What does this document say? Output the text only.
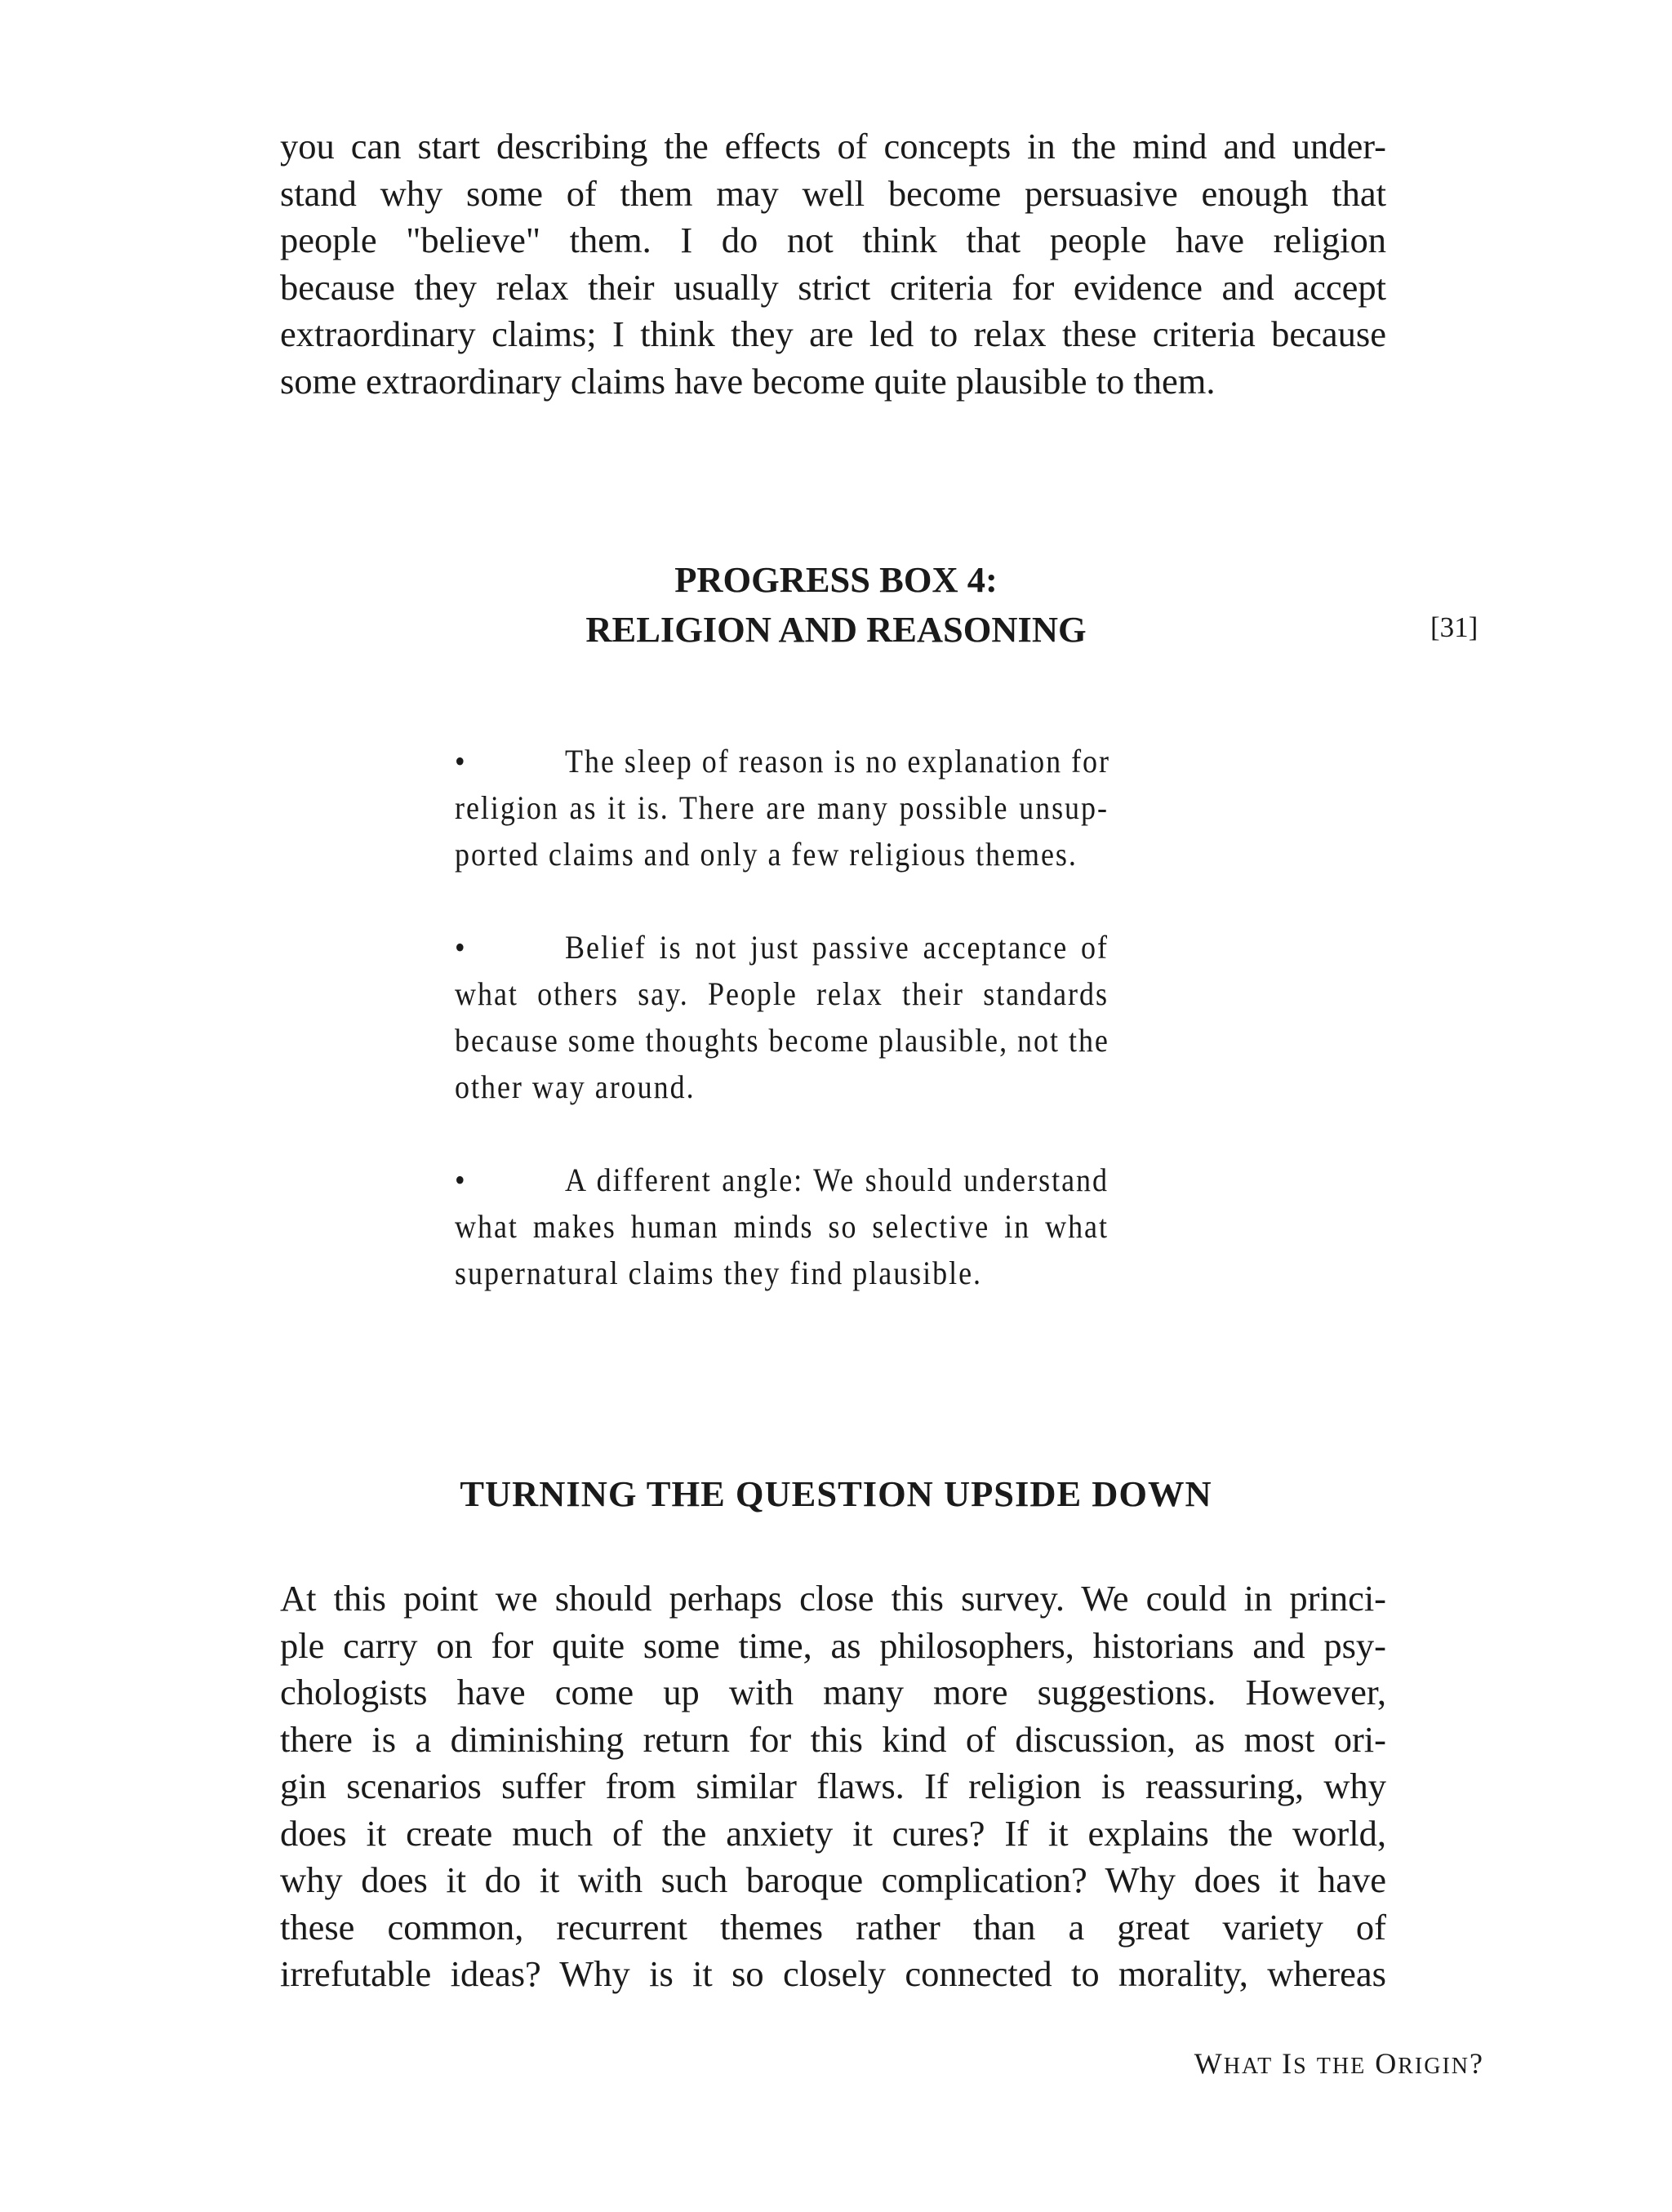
you can start describing the effects of concepts in the mind and under-
stand why some of them may well become persuasive enough that
people "believe" them. I do not think that people have religion
because they relax their usually strict criteria for evidence and accept
extraordinary claims; I think they are led to relax these criteria because
some extraordinary claims have become quite plausible to them.

PROGRESS BOX 4:
RELIGION AND REASONING	[31]
•	The sleep of reason is no explanation for
religion as it is. There are many possible unsup-
ported claims and only a few religious themes.
•	Belief is not just passive acceptance of
what others say. People relax their standards
because some thoughts become plausible, not the
other way around.
•	A different angle: We should understand
what makes human minds so selective in what
supernatural claims they find plausible.
TURNING THE QUESTION UPSIDE DOWN

At this point we should perhaps close this survey. We could in princi-
ple carry on for quite some time, as philosophers, historians and psy-
chologists have come up with many more suggestions. However,
there is a diminishing return for this kind of discussion, as most ori-
gin scenarios suffer from similar flaws. If religion is reassuring, why
does it create much of the anxiety it cures? If it explains the world,
why does it do it with such baroque complication? Why does it have
these common, recurrent themes rather than a great variety of
irrefutable ideas? Why is it so closely connected to morality, whereas

WHAT IS THE ORIGIN?
